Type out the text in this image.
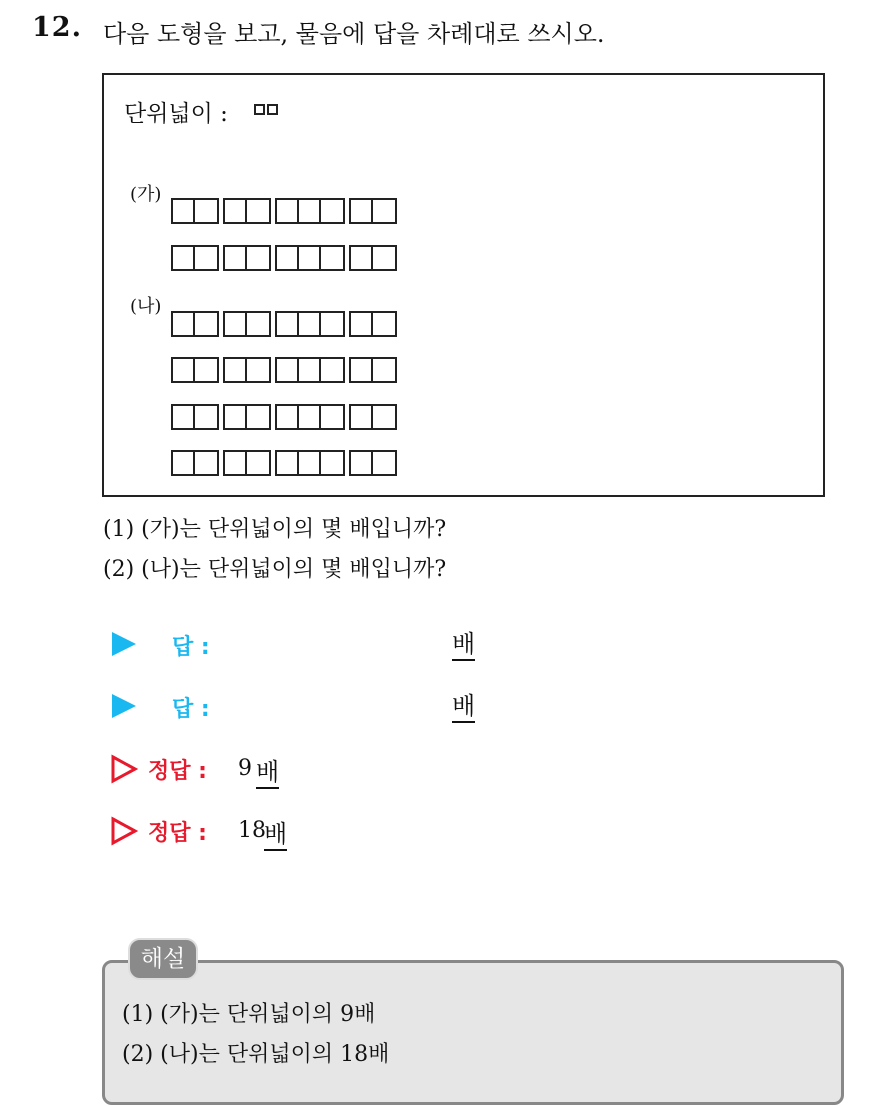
12. 다음 도형을 보고, 물음에 답을 차례대로 쓰시오.
단위넓이 :
(가)
(나)
(1) (가)는 단위넓이의 몇 배입니까?
(2) (나)는 단위넓이의 몇 배입니까?
답 :	배
답 :	배
정답 : 9 배
정답 : 18
배
해설
(1) (가)는 단위넓이의 9배
(2) (나)는 단위넓이의 18배
